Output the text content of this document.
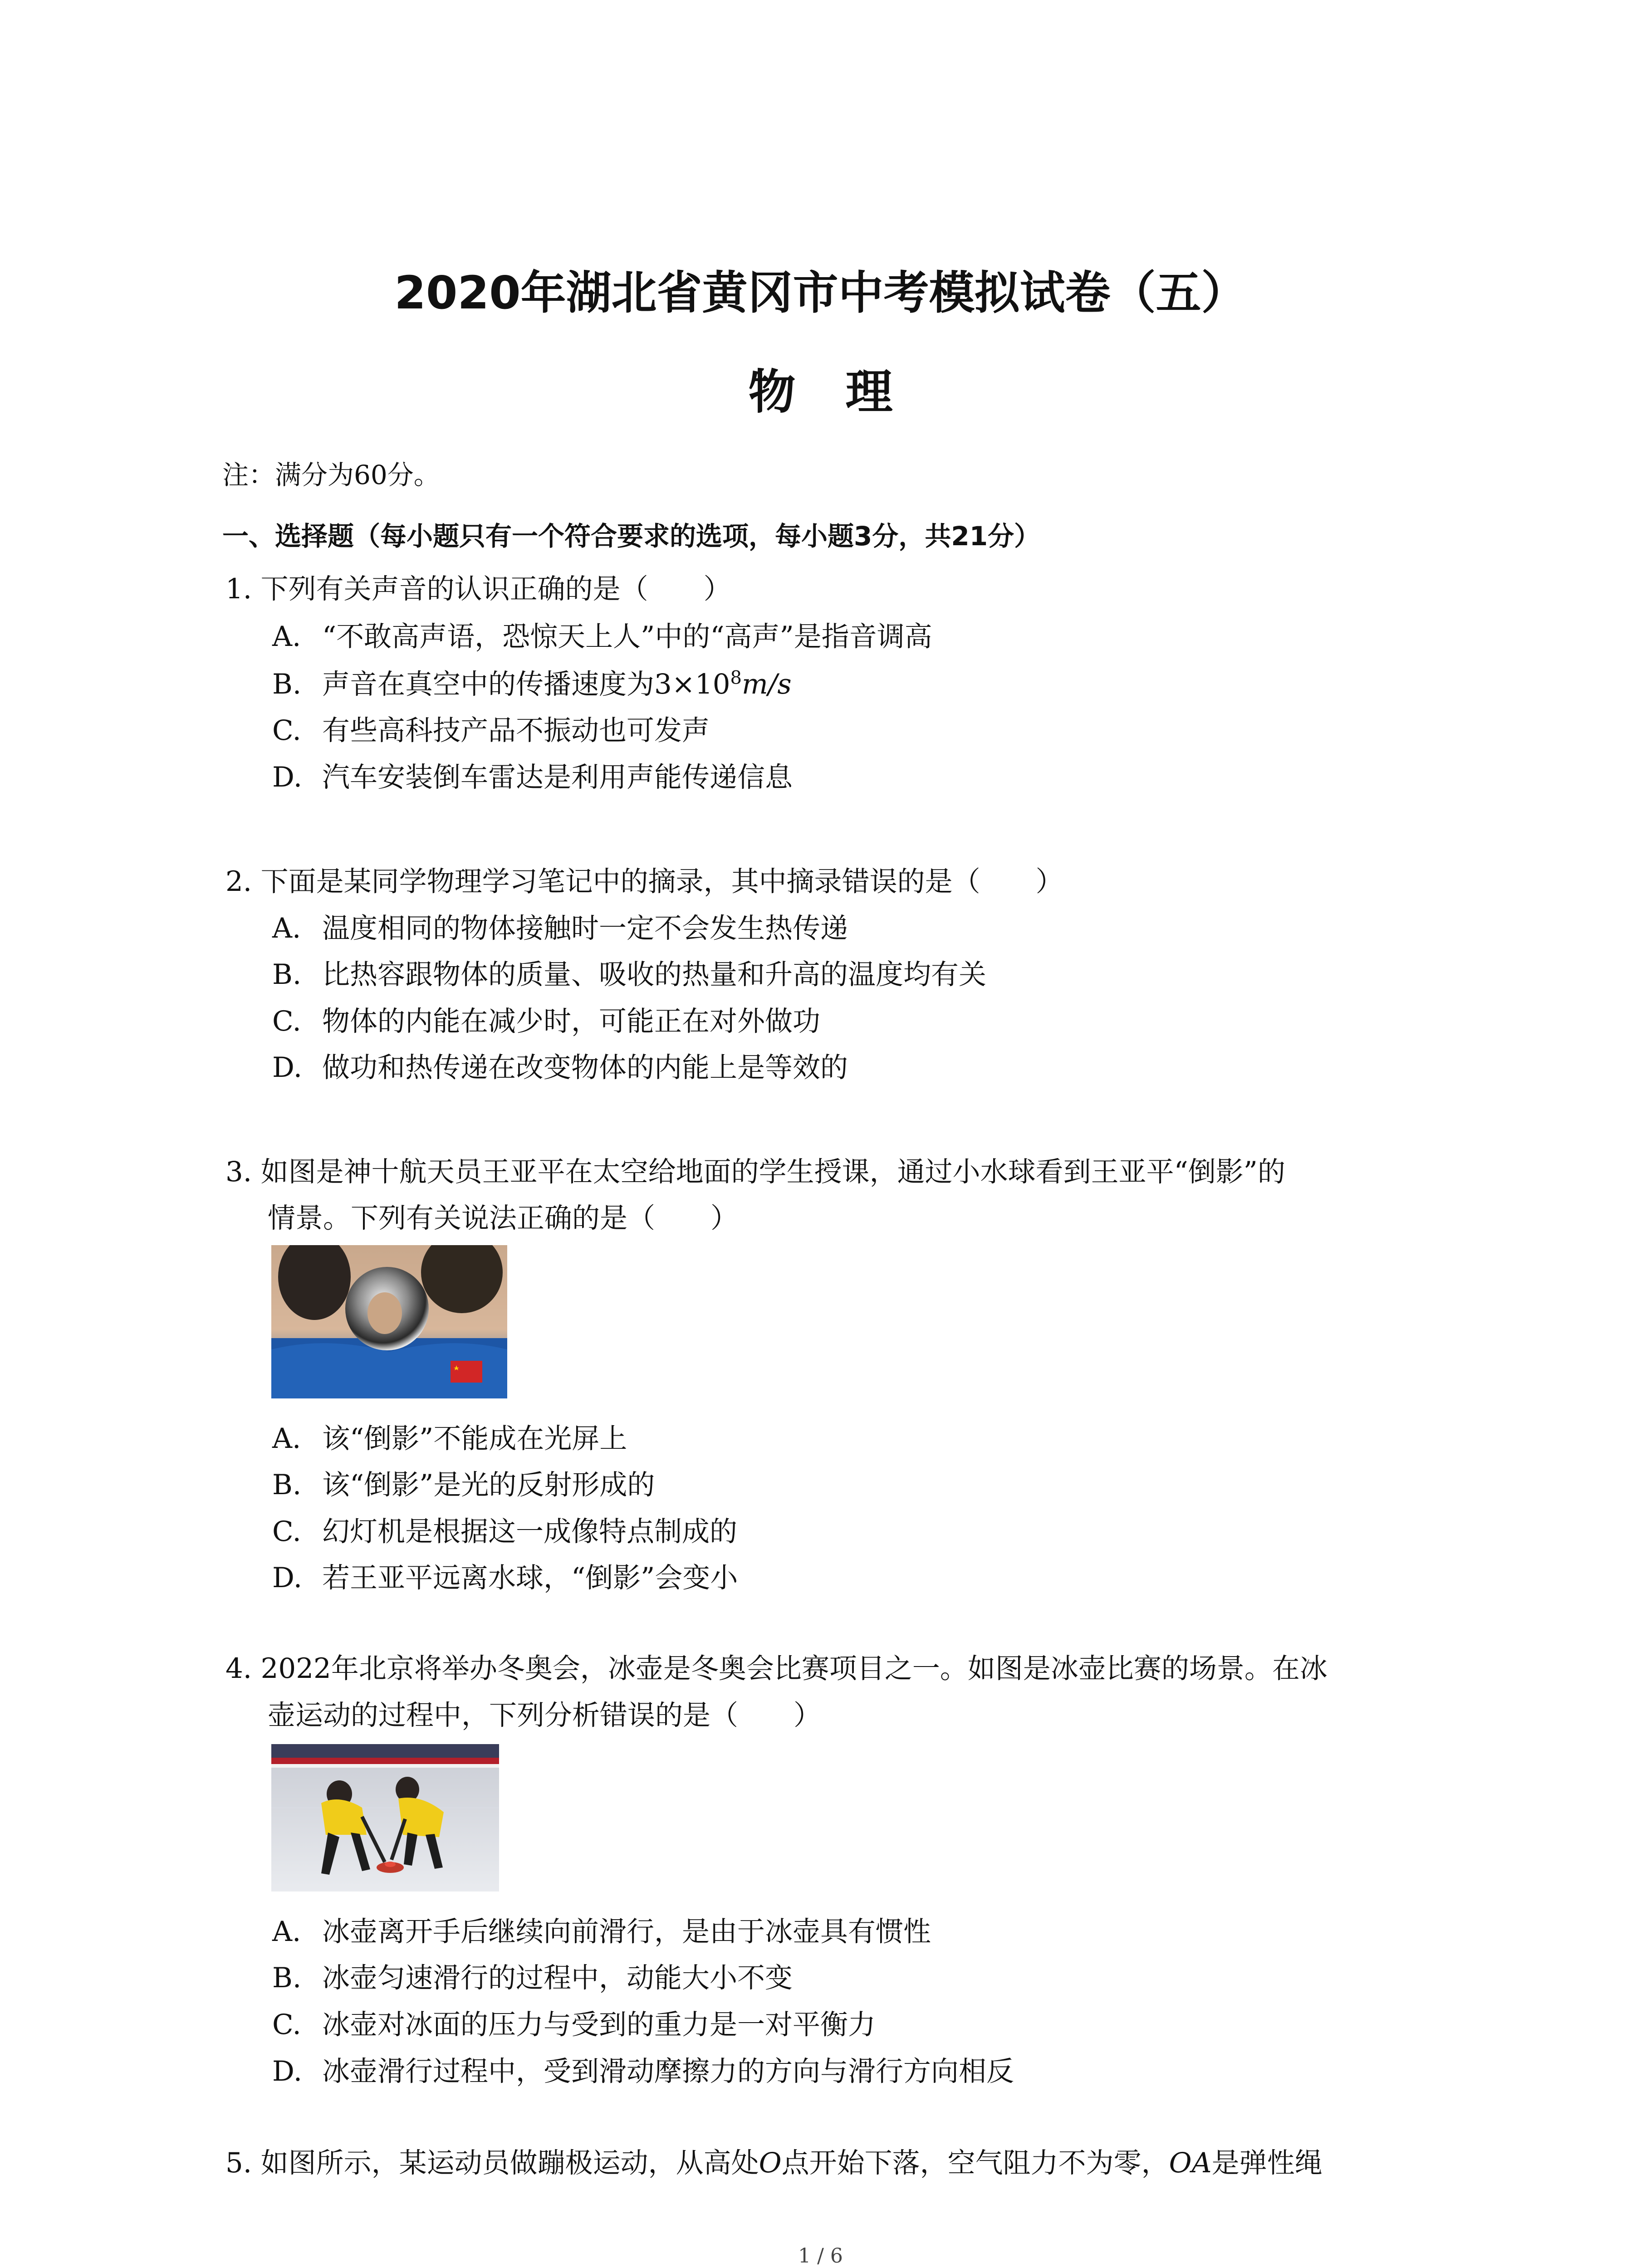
2020年湖北省黄冈市中考模拟试卷（五）
物理
注：满分为60分。
一、选择题（每小题只有一个符合要求的选项，每小题3分，共21分）
1. 下列有关声音的认识正确的是（　　）
A. “不敢高声语，恐惊天上人”中的“高声”是指音调高
B. 声音在真空中的传播速度为$3\times 10^8m/s$
C. 有些高科技产品不振动也可发声
D. 汽车安装倒车雷达是利用声能传递信息
2. 下面是某同学物理学习笔记中的摘录，其中摘录错误的是（　　）
A. 温度相同的物体接触时一定不会发生热传递
B. 比热容跟物体的质量、吸收的热量和升高的温度均有关
C. 物体的内能在减少时，可能正在对外做功
D. 做功和热传递在改变物体的内能上是等效的
3. 如图是神十航天员王亚平在太空给地面的学生授课，通过小水球看到王亚平“倒影”的
情景。下列有关说法正确的是（　　）
A. 该“倒影”不能成在光屏上
B. 该“倒影”是光的反射形成的
C. 幻灯机是根据这一成像特点制成的
D. 若王亚平远离水球，“倒影”会变小
4. 2022年北京将举办冬奥会，冰壶是冬奥会比赛项目之一。如图是冰壶比赛的场景。在冰
壶运动的过程中，下列分析错误的是（　　）
A. 冰壶离开手后继续向前滑行，是由于冰壶具有惯性
B. 冰壶匀速滑行的过程中，动能大小不变
C. 冰壶对冰面的压力与受到的重力是一对平衡力
D. 冰壶滑行过程中，受到滑动摩擦力的方向与滑行方向相反
5. 如图所示，某运动员做蹦极运动，从高处O点开始下落，空气阻力不为零，OA是弹性绳
1 / 6
